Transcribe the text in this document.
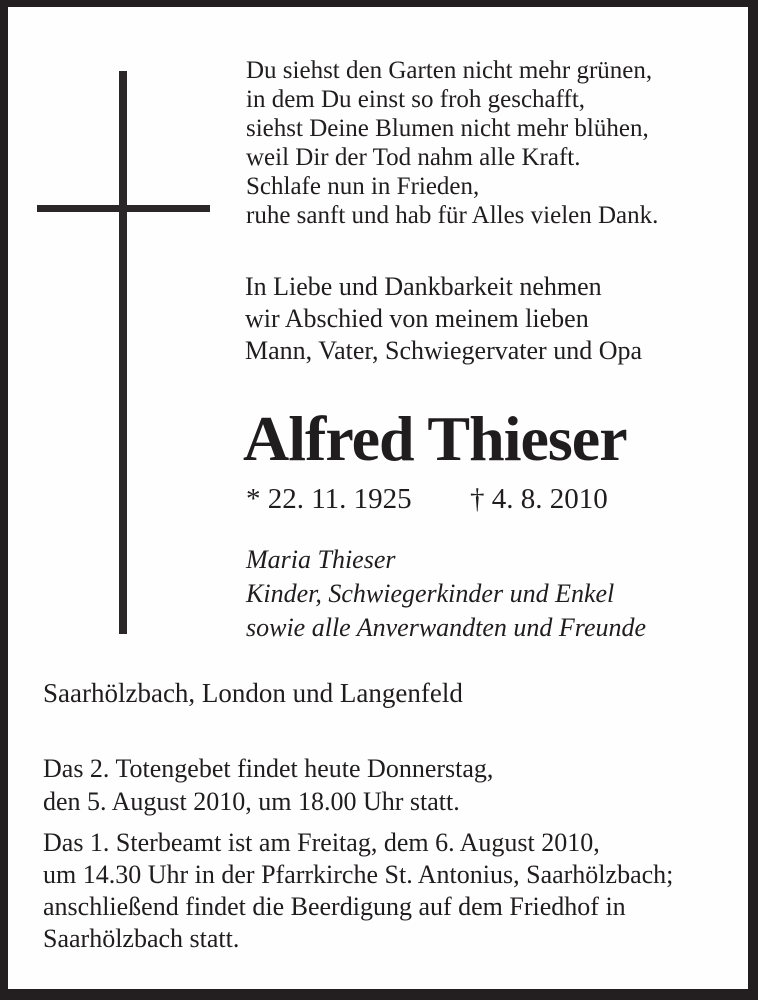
Du siehst den Garten nicht mehr grünen,
in dem Du einst so froh geschafft,
siehst Deine Blumen nicht mehr blühen,
weil Dir der Tod nahm alle Kraft.
Schlafe nun in Frieden,
ruhe sanft und hab für Alles vielen Dank.
In Liebe und Dankbarkeit nehmen
wir Abschied von meinem lieben
Mann, Vater, Schwiegervater und Opa
Alfred Thieser
* 22. 11. 1925 † 4. 8. 2010
Maria Thieser
Kinder, Schwiegerkinder und Enkel
sowie alle Anverwandten und Freunde
Saarhölzbach, London und Langenfeld
Das 2. Totengebet findet heute Donnerstag,
den 5. August 2010, um 18.00 Uhr statt.
Das 1. Sterbeamt ist am Freitag, dem 6. August 2010,
um 14.30 Uhr in der Pfarrkirche St. Antonius, Saarhölzbach;
anschließend findet die Beerdigung auf dem Friedhof in
Saarhölzbach statt.
